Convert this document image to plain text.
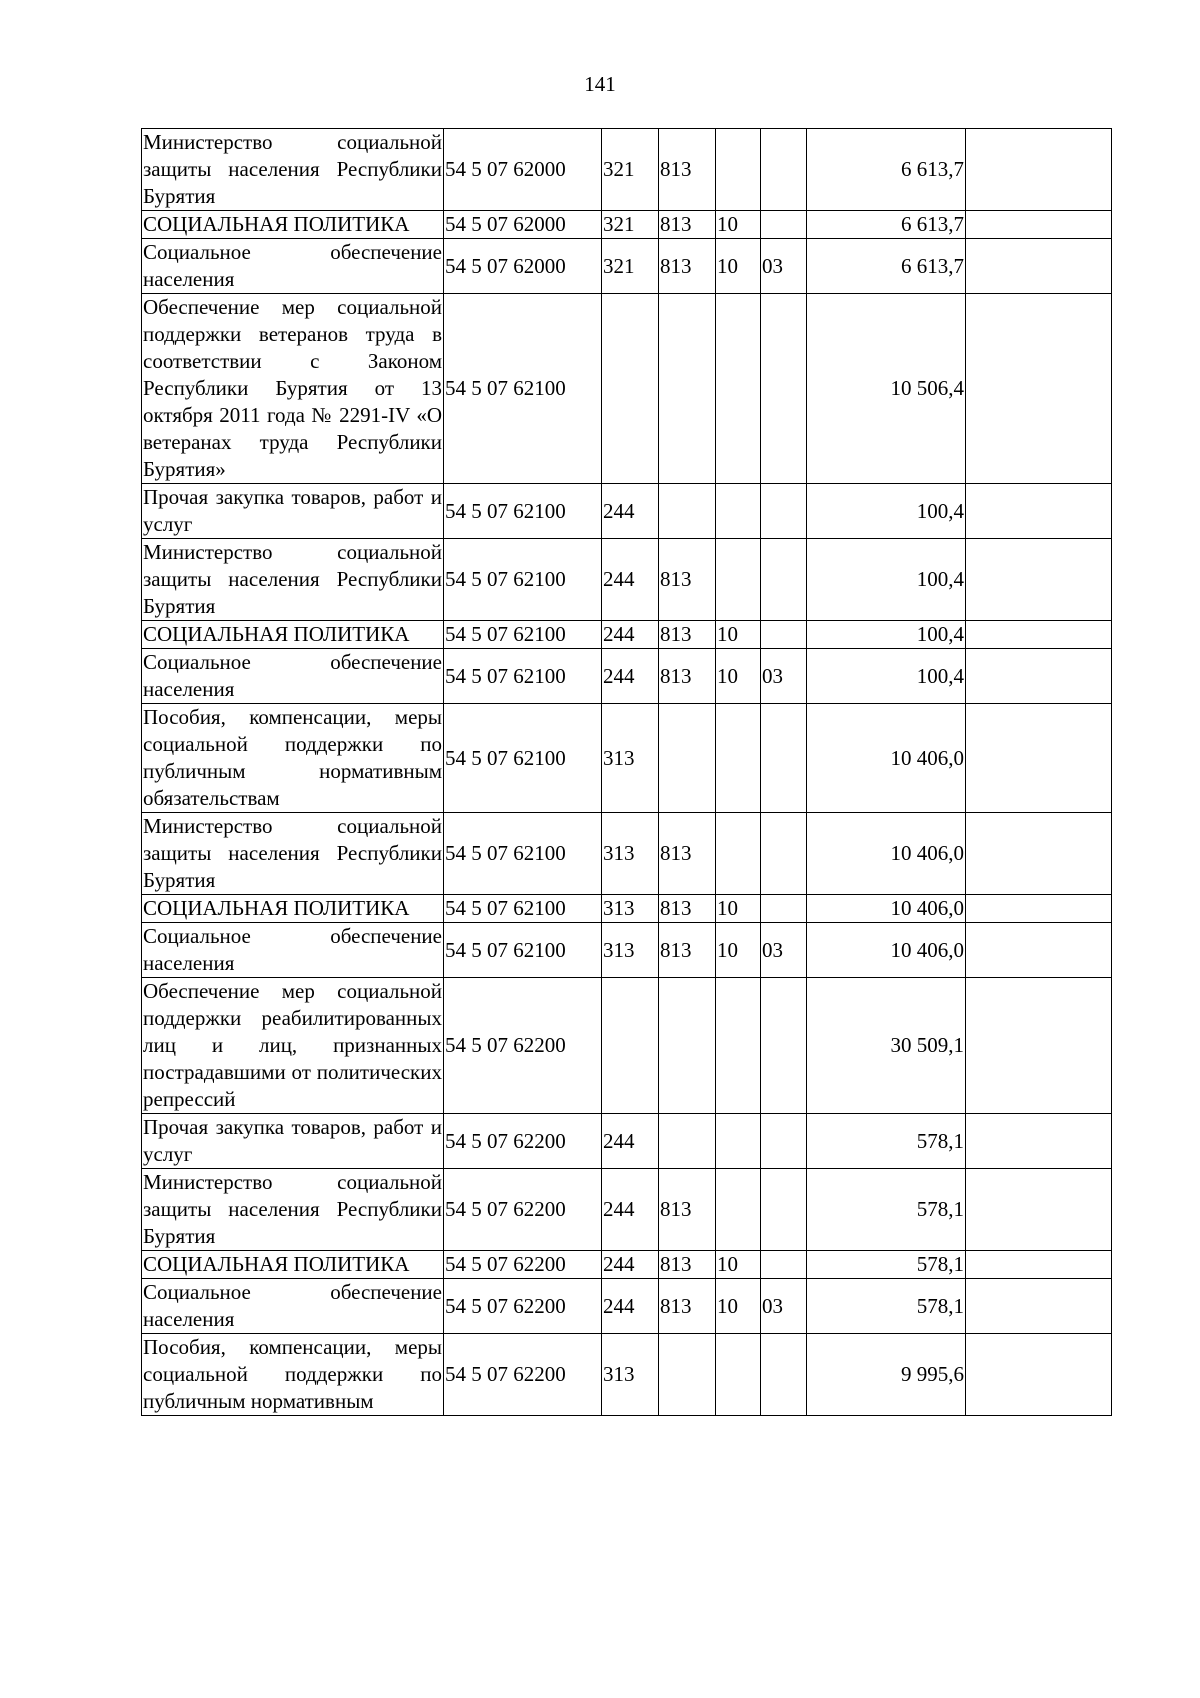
141
Министерство социальной защиты населения Республики Бурятия	54 5 07 62000	321	813			6 613,7	
СОЦИАЛЬНАЯ ПОЛИТИКА	54 5 07 62000	321	813	10		6 613,7	
Социальное обеспечение населения	54 5 07 62000	321	813	10	03	6 613,7	
Обеспечение мер социальной поддержки ветеранов труда в соответствии с Законом Республики Бурятия от 13 октября 2011 года № 2291-IV «О ветеранах труда Республики Бурятия»	54 5 07 62100					10 506,4	
Прочая закупка товаров, работ и услуг	54 5 07 62100	244				100,4	
Министерство социальной защиты населения Республики Бурятия	54 5 07 62100	244	813			100,4	
СОЦИАЛЬНАЯ ПОЛИТИКА	54 5 07 62100	244	813	10		100,4	
Социальное обеспечение населения	54 5 07 62100	244	813	10	03	100,4	
Пособия, компенсации, меры социальной поддержки по публичным нормативным обязательствам	54 5 07 62100	313				10 406,0	
Министерство социальной защиты населения Республики Бурятия	54 5 07 62100	313	813			10 406,0	
СОЦИАЛЬНАЯ ПОЛИТИКА	54 5 07 62100	313	813	10		10 406,0	
Социальное обеспечение населения	54 5 07 62100	313	813	10	03	10 406,0	
Обеспечение мер социальной поддержки реабилитированных лиц и лиц, признанных пострадавшими от политических репрессий	54 5 07 62200					30 509,1	
Прочая закупка товаров, работ и услуг	54 5 07 62200	244				578,1	
Министерство социальной защиты населения Республики Бурятия	54 5 07 62200	244	813			578,1	
СОЦИАЛЬНАЯ ПОЛИТИКА	54 5 07 62200	244	813	10		578,1	
Социальное обеспечение населения	54 5 07 62200	244	813	10	03	578,1	
Пособия, компенсации, меры социальной поддержки по публичным нормативным	54 5 07 62200	313				9 995,6	
